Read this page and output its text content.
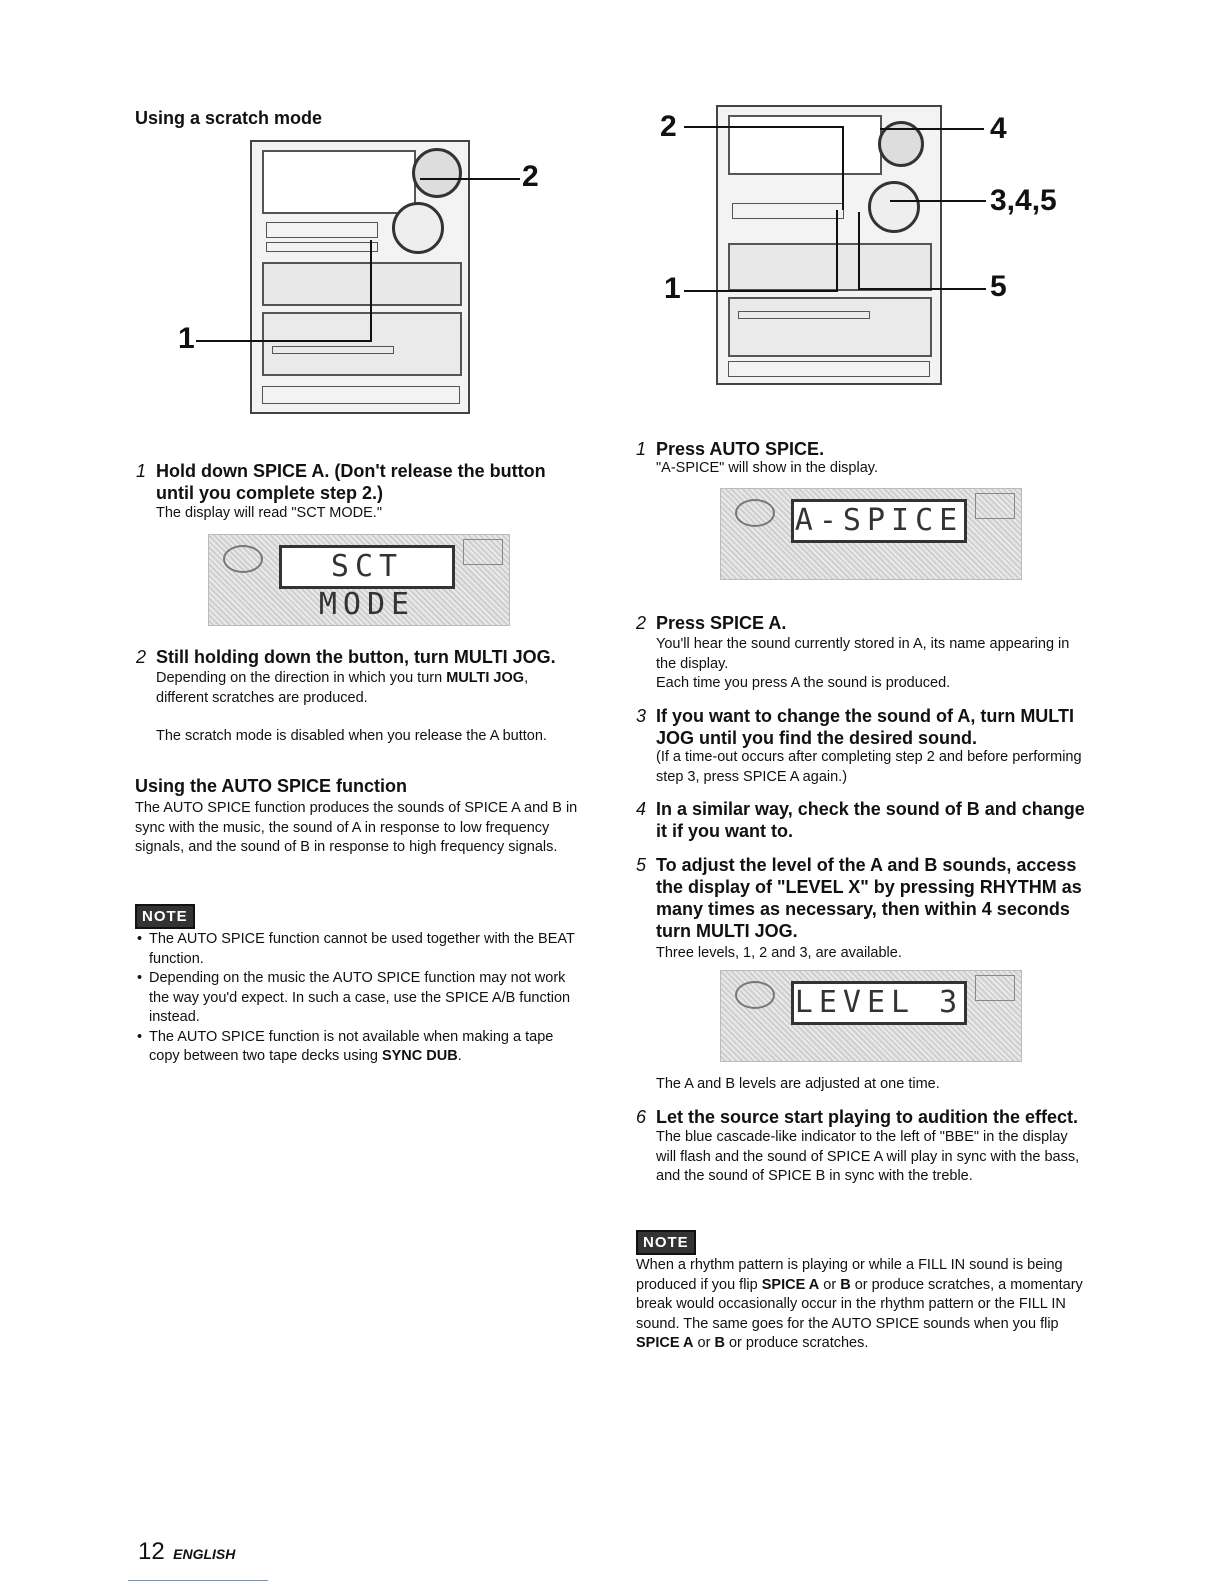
Using a scratch mode
2
1
1 Hold down SPICE A. (Don't release the button until you complete step 2.)
The display will read "SCT MODE."
SCT MODE
2 Still holding down the button, turn MULTI JOG.
Depending on the direction in which you turn MULTI JOG, different scratches are produced.
The scratch mode is disabled when you release the A button.
Using the AUTO SPICE function
The AUTO SPICE function produces the sounds of SPICE A and B in sync with the music, the sound of A in response to low frequency signals, and the sound of B in response to high frequency signals.
NOTE
• The AUTO SPICE function cannot be used together with the BEAT function.
• Depending on the music the AUTO SPICE function may not work the way you'd expect. In such a case, use the SPICE A/B function instead.
• The AUTO SPICE function is not available when making a tape copy between two tape decks using SYNC DUB.
2	4
3,4,5
1	5
1 Press AUTO SPICE.
"A-SPICE" will show in the display.
A-SPICE
2 Press SPICE A.
You'll hear the sound currently stored in A, its name appearing in the display.
Each time you press A the sound is produced.
3 If you want to change the sound of A, turn MULTI JOG until you find the desired sound.
(If a time-out occurs after completing step 2 and before performing step 3, press SPICE A again.)
4 In a similar way, check the sound of B and change it if you want to.
5 To adjust the level of the A and B sounds, access the display of "LEVEL X" by pressing RHYTHM as many times as necessary, then within 4 seconds turn MULTI JOG.
Three levels, 1, 2 and 3, are available.
LEVEL 3
The A and B levels are adjusted at one time.
6 Let the source start playing to audition the effect.
The blue cascade-like indicator to the left of "BBE" in the display will flash and the sound of SPICE A will play in sync with the bass, and the sound of SPICE B in sync with the treble.
NOTE
When a rhythm pattern is playing or while a FILL IN sound is being produced if you flip SPICE A or B or produce scratches, a momentary break would occasionally occur in the rhythm pattern or the FILL IN sound. The same goes for the AUTO SPICE sounds when you flip SPICE A or B or produce scratches.
12 ENGLISH
